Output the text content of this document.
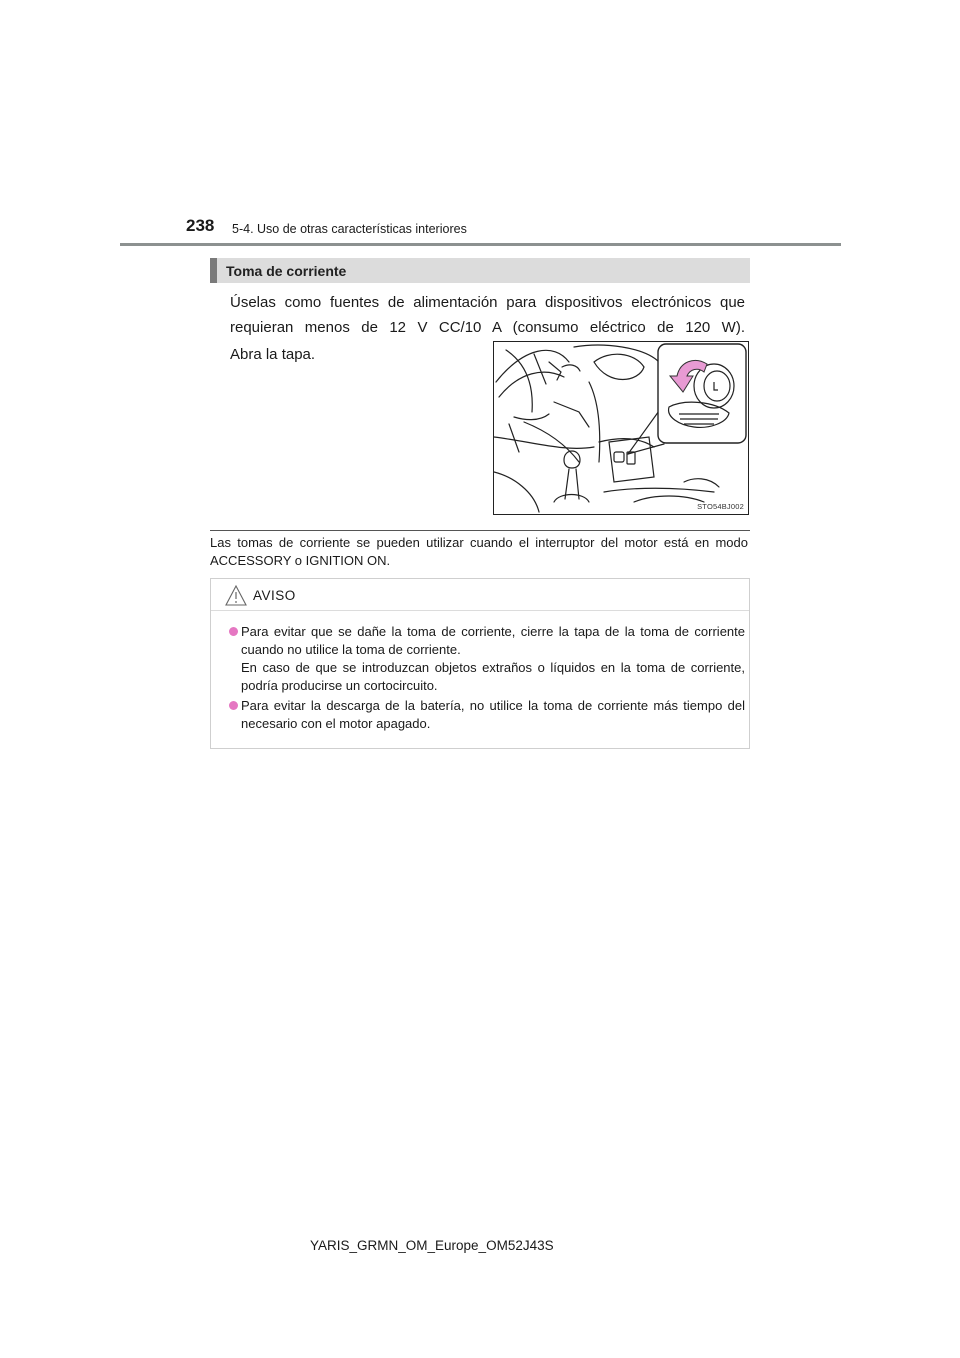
238 5-4. Uso de otras características interiores
Toma de corriente
Úselas como fuentes de alimentación para dispositivos electrónicos que requieran menos de 12 V CC/10 A (consumo eléctrico de 120 W).
Abra la tapa.
STO54BJ002
Las tomas de corriente se pueden utilizar cuando el interruptor del motor está en modo ACCESSORY o IGNITION ON.
AVISO
Para evitar que se dañe la toma de corriente, cierre la tapa de la toma de corriente cuando no utilice la toma de corriente.
En caso de que se introduzcan objetos extraños o líquidos en la toma de corriente, podría producirse un cortocircuito.
Para evitar la descarga de la batería, no utilice la toma de corriente más tiempo del necesario con el motor apagado.
YARIS_GRMN_OM_Europe_OM52J43S
